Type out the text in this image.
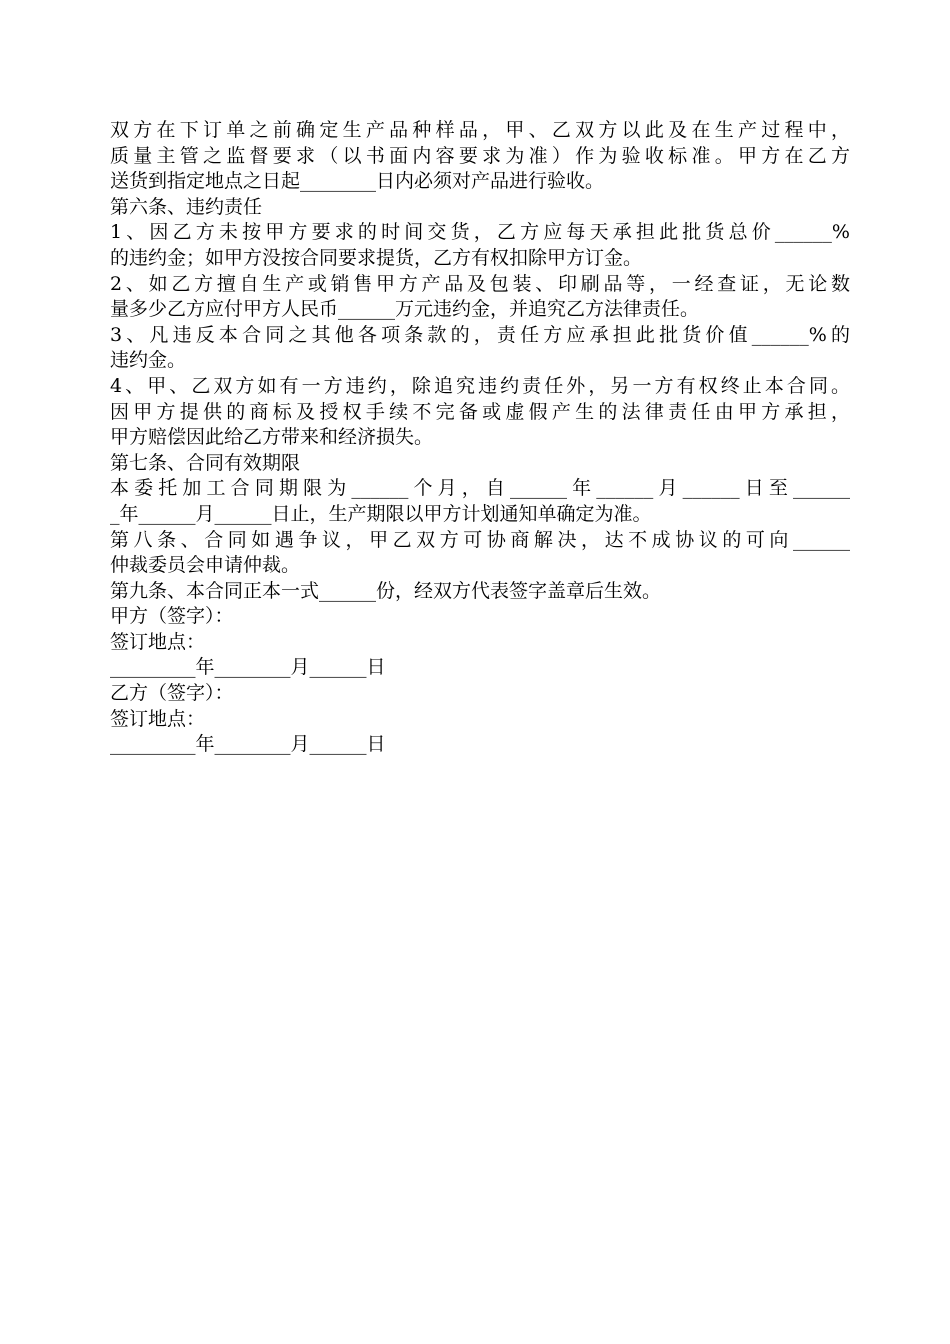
双方在下订单之前确定生产品种样品，甲、乙双方以此及在生产过程中，
质量主管之监督要求（以书面内容要求为准）作为验收标准。甲方在乙方
送货到指定地点之日起________日内必须对产品进行验收。
第六条、违约责任
1、因乙方未按甲方要求的时间交货，乙方应每天承担此批货总价______%
的违约金；如甲方没按合同要求提货，乙方有权扣除甲方订金。
2、如乙方擅自生产或销售甲方产品及包装、印刷品等，一经查证，无论数
量多少乙方应付甲方人民币______万元违约金，并追究乙方法律责任。
3、凡违反本合同之其他各项条款的，责任方应承担此批货价值______%的
违约金。
4、甲、乙双方如有一方违约，除追究违约责任外，另一方有权终止本合同。
因甲方提供的商标及授权手续不完备或虚假产生的法律责任由甲方承担，
甲方赔偿因此给乙方带来和经济损失。
第七条、合同有效期限
本委托加工合同期限为______个月，自______年______月______日至______
_年______月______日止，生产期限以甲方计划通知单确定为准。
第八条、合同如遇争议，甲乙双方可协商解决，达不成协议的可向______
仲裁委员会申请仲裁。
第九条、本合同正本一式______份，经双方代表签字盖章后生效。
甲方（签字）：
签订地点：
_________年________月______日
乙方（签字）：
签订地点：
_________年________月______日
